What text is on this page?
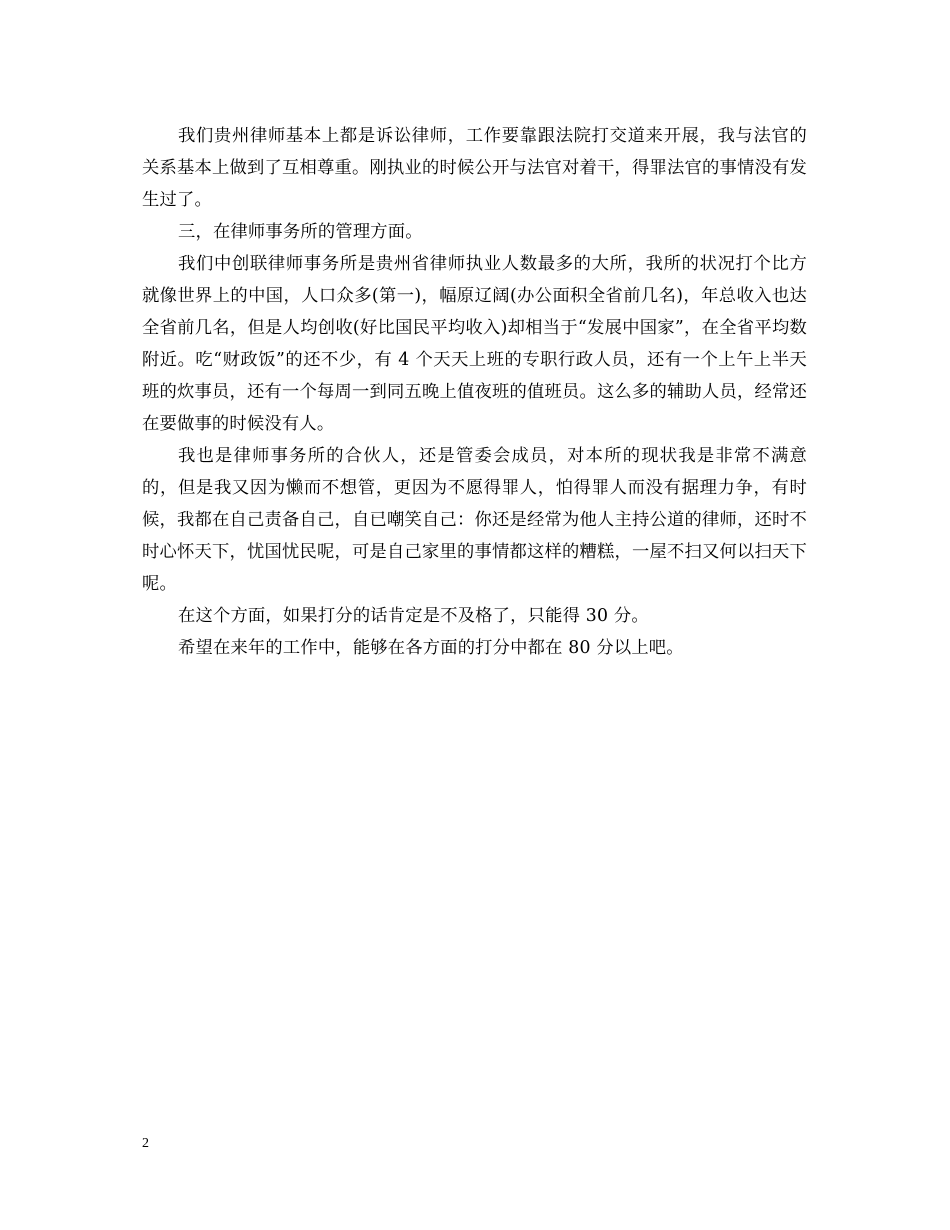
我们贵州律师基本上都是诉讼律师，工作要靠跟法院打交道来开展，我与法官的关系基本上做到了互相尊重。刚执业的时候公开与法官对着干，得罪法官的事情没有发生过了。

三，在律师事务所的管理方面。

我们中创联律师事务所是贵州省律师执业人数最多的大所，我所的状况打个比方就像世界上的中国，人口众多(第一)，幅原辽阔(办公面积全省前几名)，年总收入也达全省前几名，但是人均创收(好比国民平均收入)却相当于“发展中国家”，在全省平均数附近。吃“财政饭”的还不少，有 4 个天天上班的专职行政人员，还有一个上午上半天班的炊事员，还有一个每周一到同五晚上值夜班的值班员。这么多的辅助人员，经常还在要做事的时候没有人。

我也是律师事务所的合伙人，还是管委会成员，对本所的现状我是非常不满意的，但是我又因为懒而不想管，更因为不愿得罪人，怕得罪人而没有据理力争，有时候，我都在自己责备自己，自已嘲笑自己：你还是经常为他人主持公道的律师，还时不时心怀天下，忧国忧民呢，可是自己家里的事情都这样的糟糕，一屋不扫又何以扫天下呢。

在这个方面，如果打分的话肯定是不及格了，只能得 30 分。

希望在来年的工作中，能够在各方面的打分中都在 80 分以上吧。

2
